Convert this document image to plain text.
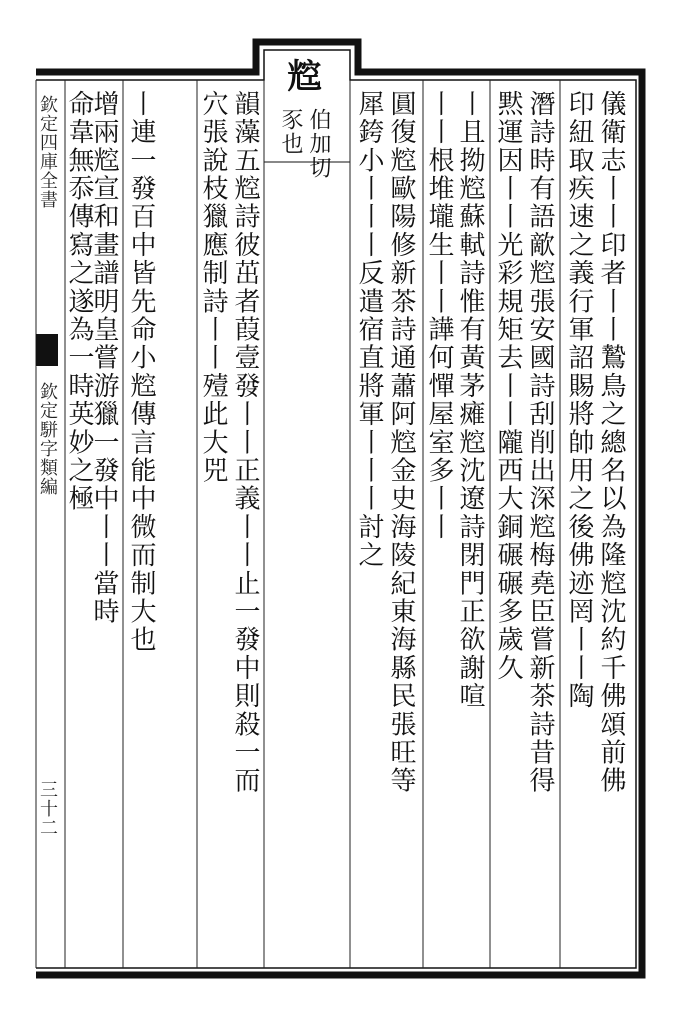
欽定四庫全書
欽定駢字類編
三十二
䆪
伯加切
豕也	儀衛志丨丨印者丨丨鷙鳥之總名以為隆䆪沈約千佛頌前佛
印紐取疾速之義行軍詔賜將帥用之後佛迹罔丨丨陶
潛詩時有語歒䆪張安國詩刮削出深䆪梅堯臣嘗新茶詩昔得
黙運因丨丨光彩規矩去丨丨隴西大銅碾碾多歲久
丨且拗䆪蘇軾詩惟有黃茅瘫䆪沈遼詩閉門正欲謝喧
丨丨根堆壠生丨丨譁何憚屋室多丨丨
圓復䆪歐陽修新茶詩通蕭阿䆪金史海陵紀東海縣民張旺等
犀銙小丨丨丨反遣宿直將軍丨丨丨討之
韻藻五䆪詩彼茁者葭壹發丨丨正義丨丨止一發中則殺一而
穴張說枝獵應制詩丨丨殪此大兕
丨連一發百中皆先命小䆪傳言能中微而制大也
增兩䆪宣和畫譜明皇嘗游獵一發中丨丨當時
命韋無忝傳寫之遂為一時英妙之極
